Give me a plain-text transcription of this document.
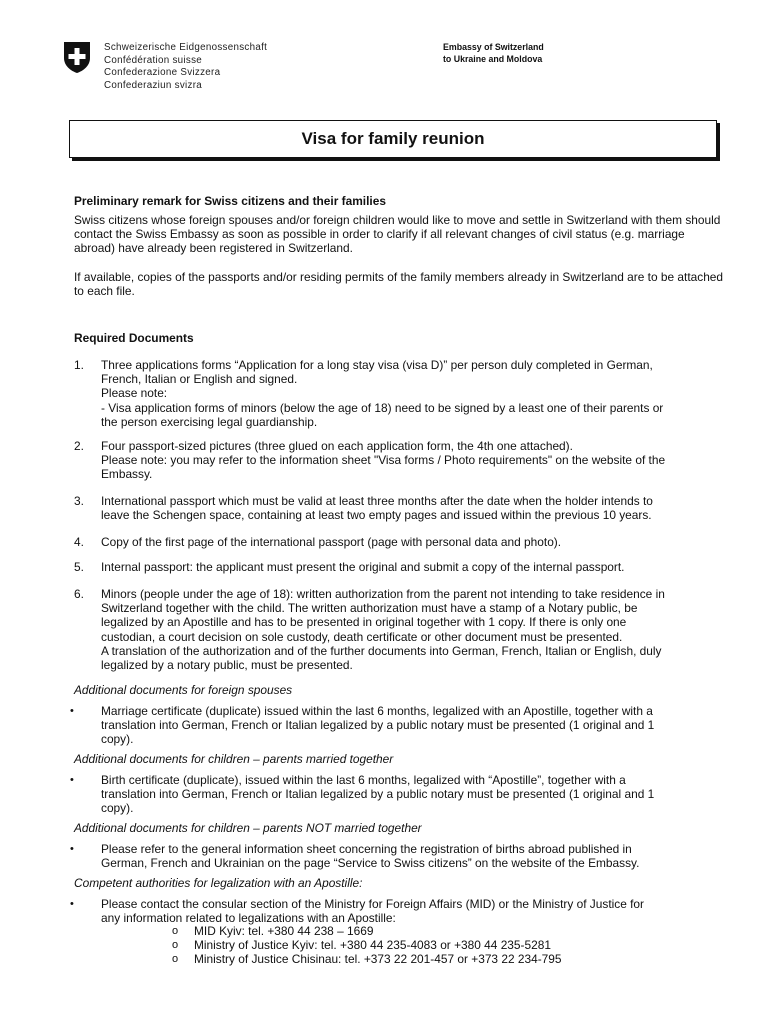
Schweizerische Eidgenossenschaft
Confédération suisse
Confederazione Svizzera
Confederaziun svizra
Embassy of Switzerland
to Ukraine and Moldova
Visa for family reunion
Preliminary remark for Swiss citizens and their families
Swiss citizens whose foreign spouses and/or foreign children would like to move and settle in Switzerland with them should contact the Swiss Embassy as soon as possible in order to clarify if all relevant changes of civil status (e.g. marriage abroad) have already been registered in Switzerland.
If available, copies of the passports and/or residing permits of the family members already in Switzerland are to be attached to each file.
Required Documents
1. Three applications forms “Application for a long stay visa (visa D)” per person duly completed in German,
French, Italian or English and signed.
Please note:
- Visa application forms of minors (below the age of 18) need to be signed by a least one of their parents or
the person exercising legal guardianship.
2. Four passport-sized pictures (three glued on each application form, the 4th one attached).
Please note: you may refer to the information sheet "Visa forms / Photo requirements" on the website of the
Embassy.
3. International passport which must be valid at least three months after the date when the holder intends to
leave the Schengen space, containing at least two empty pages and issued within the previous 10 years.
4. Copy of the first page of the international passport (page with personal data and photo).
5. Internal passport: the applicant must present the original and submit a copy of the internal passport.
6. Minors (people under the age of 18): written authorization from the parent not intending to take residence in
Switzerland together with the child. The written authorization must have a stamp of a Notary public, be
legalized by an Apostille and has to be presented in original together with 1 copy. If there is only one
custodian, a court decision on sole custody, death certificate or other document must be presented.
A translation of the authorization and of the further documents into German, French, Italian or English, duly
legalized by a notary public, must be presented.
Additional documents for foreign spouses
• Marriage certificate (duplicate) issued within the last 6 months, legalized with an Apostille, together with a
translation into German, French or Italian legalized by a public notary must be presented (1 original and 1
copy).
Additional documents for children – parents married together
• Birth certificate (duplicate), issued within the last 6 months, legalized with “Apostille”, together with a
translation into German, French or Italian legalized by a public notary must be presented (1 original and 1
copy).
Additional documents for children – parents NOT married together
• Please refer to the general information sheet concerning the registration of births abroad published in
German, French and Ukrainian on the page “Service to Swiss citizens” on the website of the Embassy.
Competent authorities for legalization with an Apostille:
• Please contact the consular section of the Ministry for Foreign Affairs (MID) or the Ministry of Justice for
any information related to legalizations with an Apostille:
o MID Kyiv: tel. +380 44 238 – 1669
o Ministry of Justice Kyiv: tel. +380 44 235-4083 or +380 44 235-5281
o Ministry of Justice Chisinau: tel. +373 22 201-457 or +373 22 234-795
